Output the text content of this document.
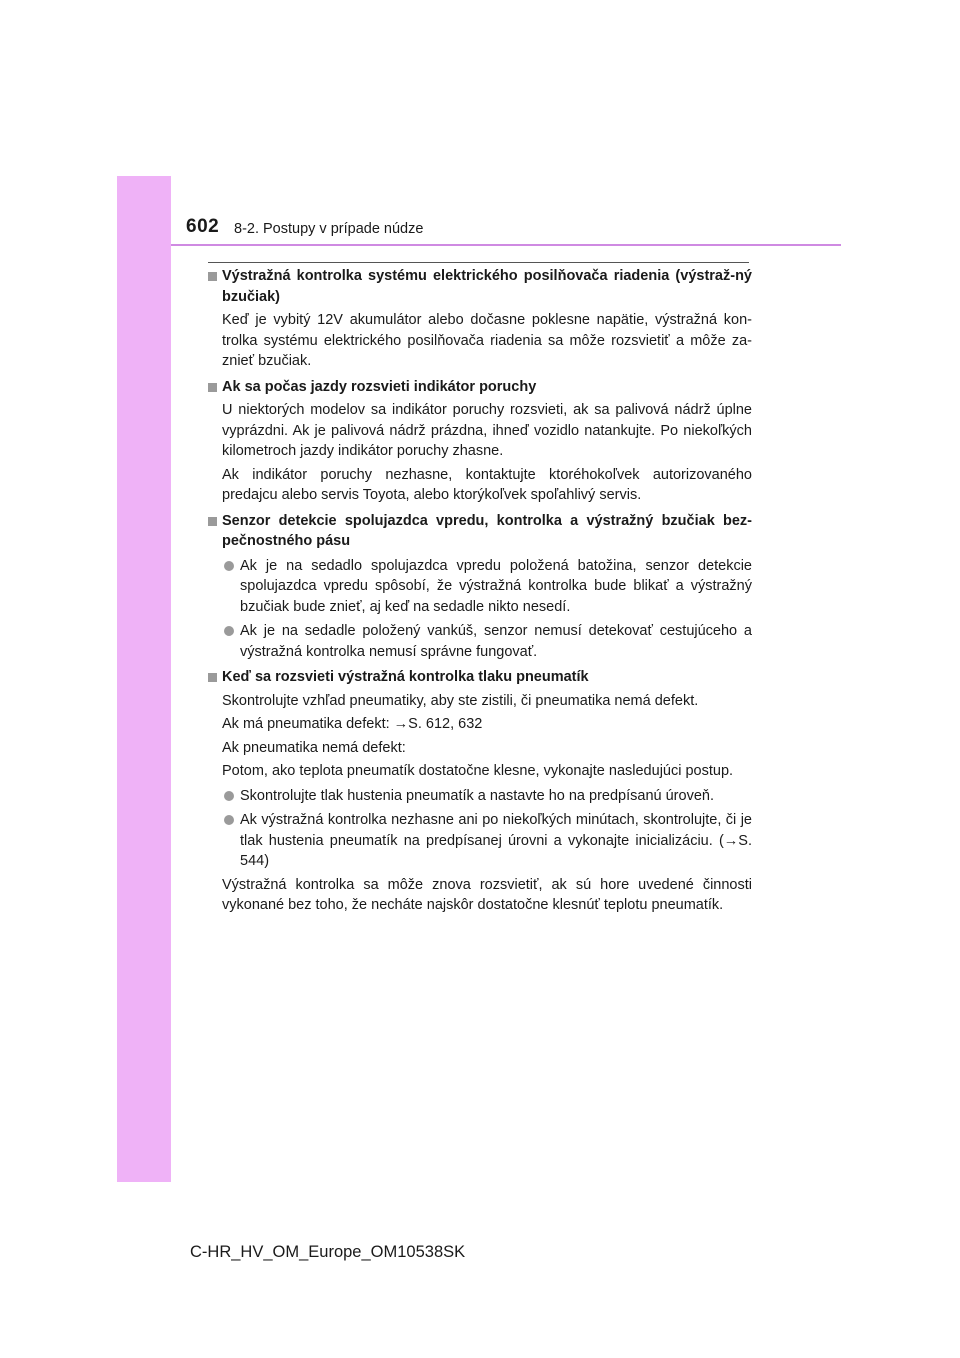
602 8-2. Postupy v prípade núdze
Výstražná kontrolka systému elektrického posilňovača riadenia (výstraž-ný bzučiak)

Keď je vybitý 12V akumulátor alebo dočasne poklesne napätie, výstražná kon-trolka systému elektrického posilňovača riadenia sa môže rozsvietiť a môže za-znieť bzučiak.

Ak sa počas jazdy rozsvieti indikátor poruchy

U niektorých modelov sa indikátor poruchy rozsvieti, ak sa palivová nádrž úplne vyprázdni. Ak je palivová nádrž prázdna, ihneď vozidlo natankujte. Po niekoľkých kilometroch jazdy indikátor poruchy zhasne.

Ak indikátor poruchy nezhasne, kontaktujte ktoréhokoľvek autorizovaného predajcu alebo servis Toyota, alebo ktorýkoľvek spoľahlivý servis.

Senzor detekcie spolujazdca vpredu, kontrolka a výstražný bzučiak bez-pečnostného pásu
Ak je na sedadlo spolujazdca vpredu položená batožina, senzor detekcie spolujazdca vpredu spôsobí, že výstražná kontrolka bude blikať a výstražný bzučiak bude znieť, aj keď na sedadle nikto nesedí.
Ak je na sedadle položený vankúš, senzor nemusí detekovať cestujúceho a výstražná kontrolka nemusí správne fungovať.
Keď sa rozsvieti výstražná kontrolka tlaku pneumatík

Skontrolujte vzhľad pneumatiky, aby ste zistili, či pneumatika nemá defekt.

Ak má pneumatika defekt: →S. 612, 632

Ak pneumatika nemá defekt:

Potom, ako teplota pneumatík dostatočne klesne, vykonajte nasledujúci postup.

Skontrolujte tlak hustenia pneumatík a nastavte ho na predpísanú úroveň.
Ak výstražná kontrolka nezhasne ani po niekoľkých minútach, skontrolujte, či je tlak hustenia pneumatík na predpísanej úrovni a vykonajte inicializáciu. (→S. 544)

Výstražná kontrolka sa môže znova rozsvietiť, ak sú hore uvedené činnosti vykonané bez toho, že necháte najskôr dostatočne klesnúť teplotu pneumatík.

C-HR_HV_OM_Europe_OM10538SK
